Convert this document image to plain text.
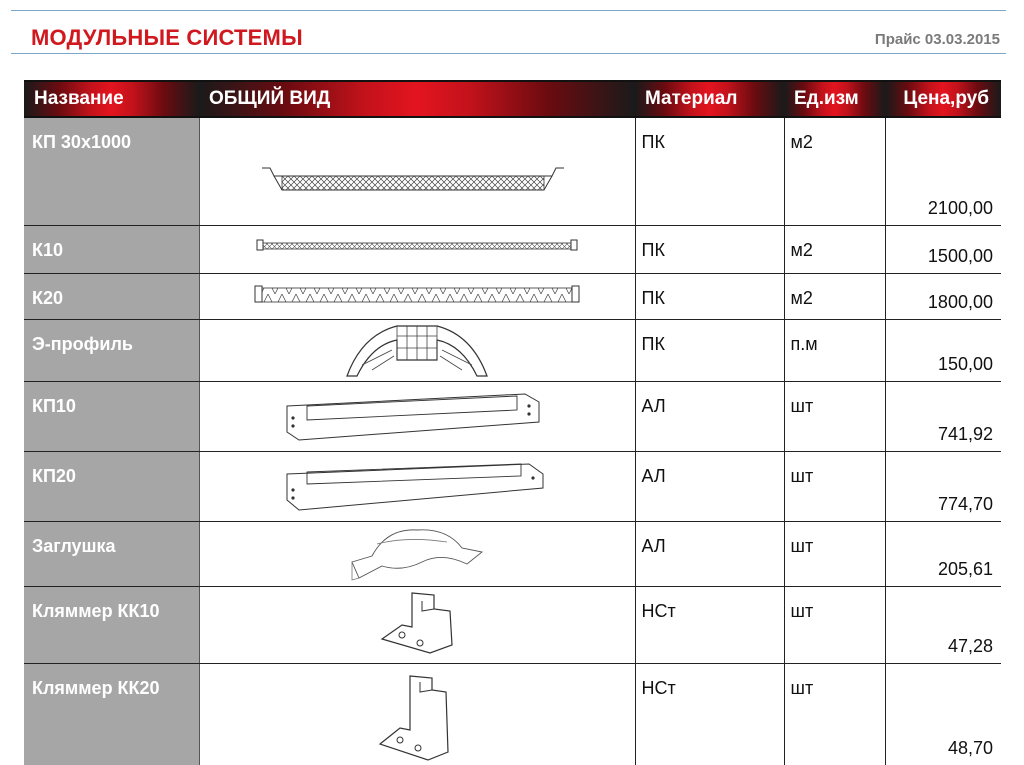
МОДУЛЬНЫЕ СИСТЕМЫ	Прайс 03.03.2015
Название	ОБЩИЙ ВИД	Материал	Ед.изм	Цена,руб
КП 30x1000		ПК	м2	2100,00
К10		ПК	м2	1500,00
К20		ПК	м2	1800,00
Э-профиль		ПК	п.м	150,00
КП10		АЛ	шт	741,92
КП20		АЛ	шт	774,70
Заглушка		АЛ	шт	205,61
Кляммер КК10		НСт	шт	47,28
Кляммер КК20		НСт	шт	48,70
